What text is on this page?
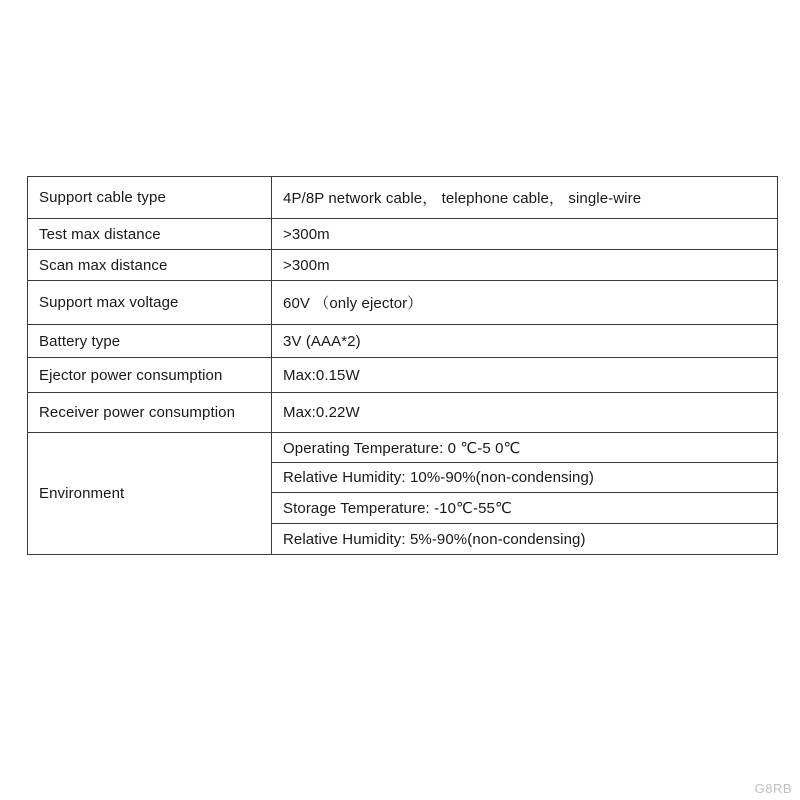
Support cable type	4P/8P network cable， telephone cable， single-wire
Test max distance	>300m
Scan max distance	>300m
Support max voltage	60V （only ejector）
Battery type	3V (AAA*2)
Ejector power consumption	Max:0.15W
Receiver power consumption	Max:0.22W
Environment	Operating Temperature: 0 ℃-5 0℃
	Relative Humidity: 10%-90%(non-condensing)
	Storage Temperature: -10℃-55℃
	Relative Humidity: 5%-90%(non-condensing)
G8RB
